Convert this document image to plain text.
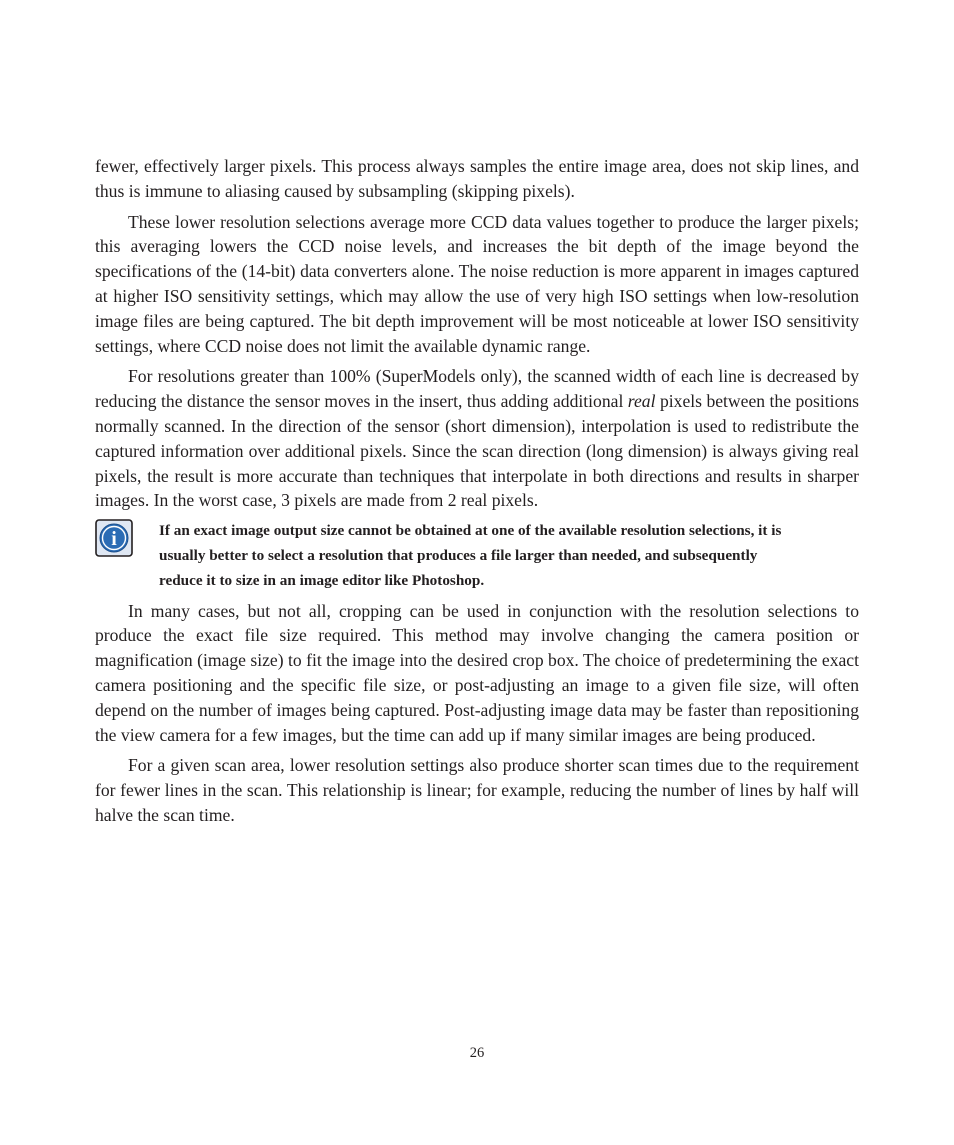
fewer, effectively larger pixels. This process always samples the entire image area, does not skip lines, and thus is immune to aliasing caused by subsampling (skipping pixels).

These lower resolution selections average more CCD data values together to produce the larger pixels; this averaging lowers the CCD noise levels, and increases the bit depth of the image beyond the specifications of the (14-bit) data converters alone. The noise reduction is more apparent in images captured at higher ISO sensitivity settings, which may allow the use of very high ISO settings when low-resolution image files are being captured. The bit depth improvement will be most noticeable at lower ISO sensitivity settings, where CCD noise does not limit the available dynamic range.

For resolutions greater than 100% (SuperModels only), the scanned width of each line is decreased by reducing the distance the sensor moves in the insert, thus adding additional real pixels between the positions normally scanned. In the direction of the sensor (short dimension), interpolation is used to redistribute the captured information over additional pixels. Since the scan direction (long dimension) is always giving real pixels, the result is more accurate than techniques that interpolate in both directions and results in sharper images. In the worst case, 3 pixels are made from 2 real pixels.

i	If an exact image output size cannot be obtained at one of the available resolution selections, it is usually better to select a resolution that produces a file larger than needed, and subsequently reduce it to size in an image editor like Photoshop.

In many cases, but not all, cropping can be used in conjunction with the resolution selections to produce the exact file size required. This method may involve changing the camera position or magnification (image size) to fit the image into the desired crop box. The choice of predetermining the exact camera positioning and the specific file size, or post-adjusting an image to a given file size, will often depend on the number of images being captured. Post-adjusting image data may be faster than repositioning the view camera for a few images, but the time can add up if many similar images are being produced.

For a given scan area, lower resolution settings also produce shorter scan times due to the requirement for fewer lines in the scan. This relationship is linear; for example, reducing the number of lines by half will halve the scan time.

26
